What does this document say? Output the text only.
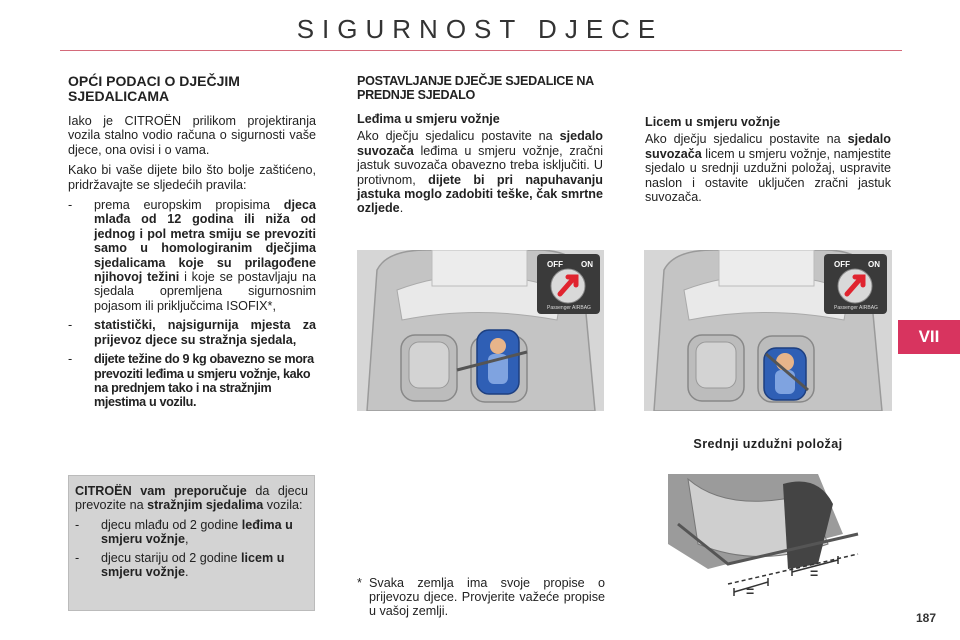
SIGURNOST DJECE
VII
OPĆI PODACI O DJEČJIM SJEDALICAMA

Iako je CITROËN prilikom projektiranja vozila stalno vodio računa o sigurnosti vaše djece, ona ovisi i o vama.

Kako bi vaše dijete bilo što bolje zaštićeno, pridržavajte se sljedećih pravila:

- prema europskim propisima djeca mlađa od 12 godina ili niža od jednog i pol metra smiju se prevoziti samo u homologiranim dječjima sjedalicama koje su prilagođene njihovoj težini i koje se postavljaju na sjedala opremljena sigurnosnim pojasom ili priključcima ISOFIX*,
- statistički, najsigurnija mjesta za prijevoz djece su stražnja sjedala,
- dijete težine do 9 kg obavezno se mora prevoziti leđima u smjeru vožnje, kako na prednjem tako i na stražnjim mjestima u vozilu.

CITROËN vam preporučuje da djecu prevozite na stražnjim sjedalima vozila:

- djecu mlađu od 2 godine leđima u smjeru vožnje,
- djecu stariju od 2 godine licem u smjeru vožnje.
POSTAVLJANJE DJEČJE SJEDALICE NA PREDNJE SJEDALO
Leđima u smjeru vožnje

Ako dječju sjedalicu postavite na sjedalo suvozača leđima u smjeru vožnje, zračni jastuk suvozača obavezno treba isključiti. U protivnom, dijete bi pri napuhavanju jastuka moglo zadobiti teške, čak smrtne ozljede.

Licem u smjeru vožnje

Ako dječju sjedalicu postavite na sjedalo suvozača licem u smjeru vožnje, namjestite sjedalo u srednji uzdužni položaj, uspravite naslon i ostavite uključen zračni jastuk suvozača.

OFF ON
Passenger AIRBAG
OFF ON
Passenger AIRBAG
Srednji uzdužni položaj
=
=
* Svaka zemlja ima svoje propise o prijevozu djece. Provjerite važeće propise u vašoj zemlji.	187
